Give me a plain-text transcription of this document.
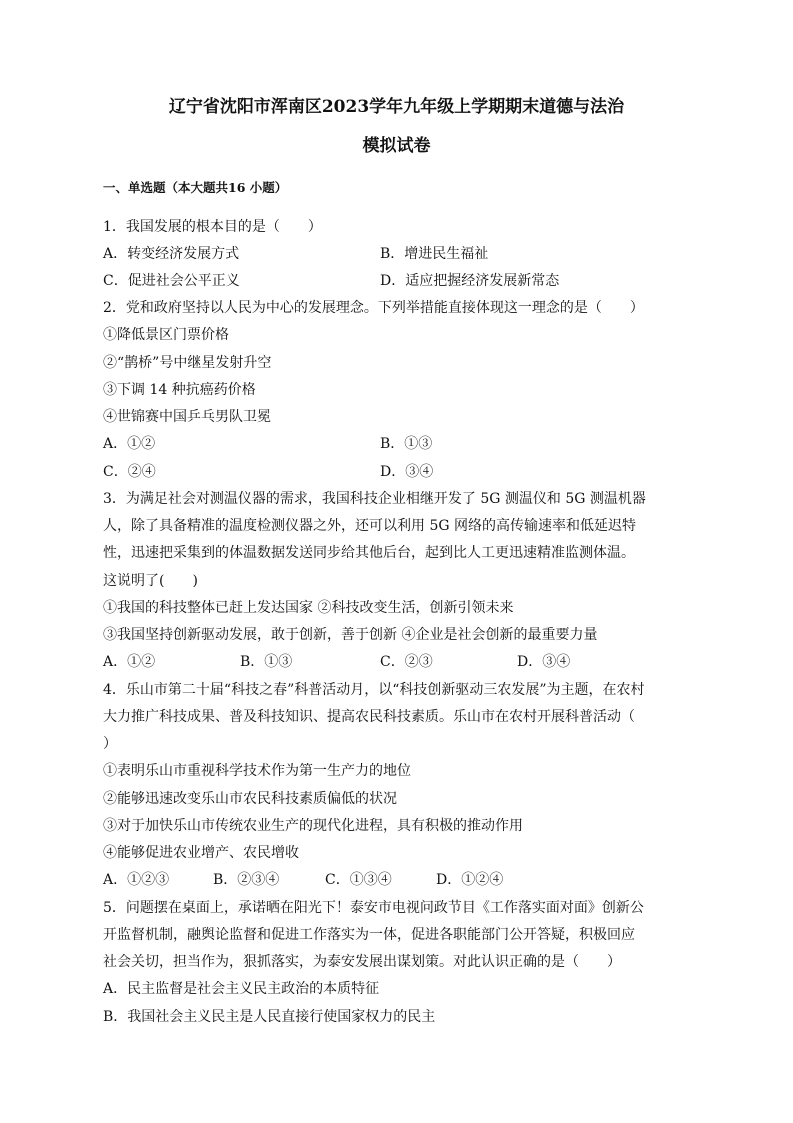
辽宁省沈阳市浑南区2023学年九年级上学期期末道德与法治
模拟试卷
一、单选题（本大题共16 小题）
1．我国发展的根本目的是（　　）
A．转变经济发展方式	B．增进民生福祉
C．促进社会公平正义	D．适应把握经济发展新常态
2．党和政府坚持以人民为中心的发展理念。下列举措能直接体现这一理念的是（　　）
①降低景区门票价格
②“鹊桥”号中继星发射升空
③下调 14 种抗癌药价格
④世锦赛中国乒乓男队卫冕
A．①②	B．①③
C．②④	D．③④
3．为满足社会对测温仪器的需求，我国科技企业相继开发了 5G 测温仪和 5G 测温机器
人，除了具备精准的温度检测仪器之外，还可以利用 5G 网络的高传输速率和低延迟特
性，迅速把采集到的体温数据发送同步给其他后台，起到比人工更迅速精准监测体温。
这说明了(　　)
①我国的科技整体已赶上发达国家 ②科技改变生活，创新引领未来
③我国坚持创新驱动发展，敢于创新，善于创新 ④企业是社会创新的最重要力量
A．①②	B．①③	C．②③	D．③④
4．乐山市第二十届“科技之春”科普活动月，以“科技创新驱动三农发展”为主题，在农村
大力推广科技成果、普及科技知识、提高农民科技素质。乐山市在农村开展科普活动（
）
①表明乐山市重视科学技术作为第一生产力的地位
②能够迅速改变乐山市农民科技素质偏低的状况
③对于加快乐山市传统农业生产的现代化进程，具有积极的推动作用
④能够促进农业增产、农民增收
A．①②③	B．②③④	C．①③④	D．①②④
5．问题摆在桌面上，承诺晒在阳光下！泰安市电视问政节目《工作落实面对面》创新公
开监督机制，融舆论监督和促进工作落实为一体，促进各职能部门公开答疑，积极回应
社会关切，担当作为，狠抓落实，为泰安发展出谋划策。对此认识正确的是（　　）
A．民主监督是社会主义民主政治的本质特征
B．我国社会主义民主是人民直接行使国家权力的民主
